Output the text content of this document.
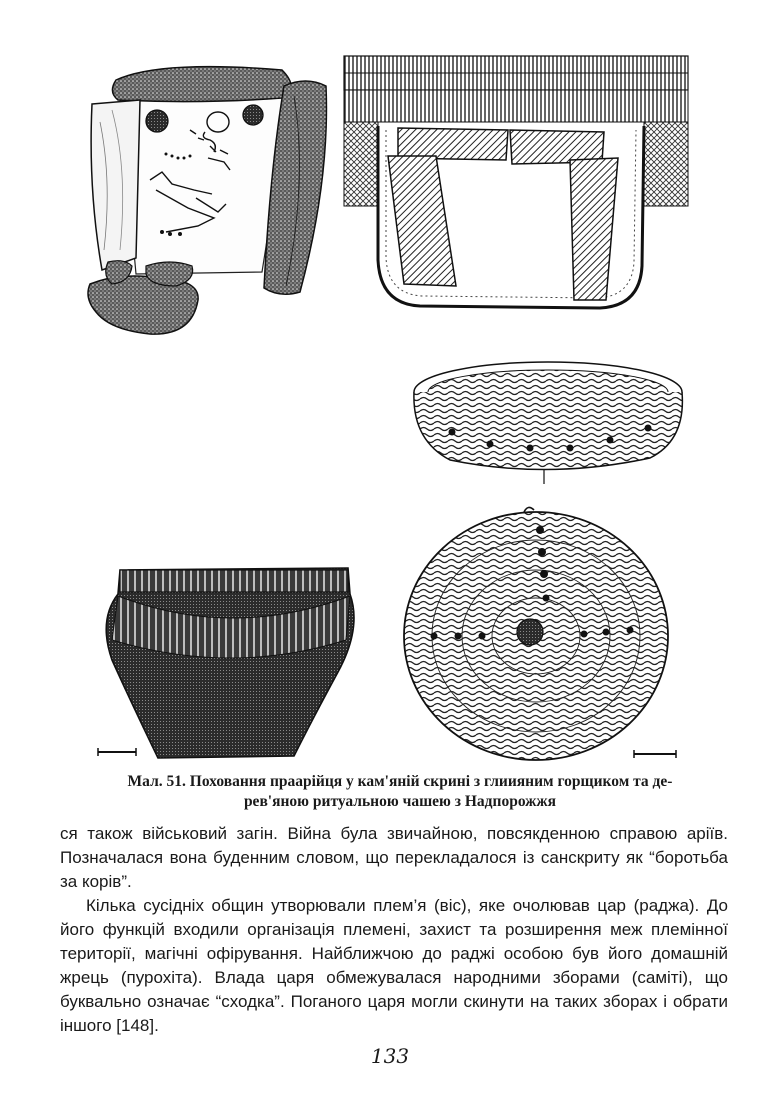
Мал. 51. Поховання праарійця у кам'яній скрині з глиияним горщиком та де-
рев'яною ритуальною чашею з Надпорожжя

ся також військовий загін. Війна була звичайною, повсякденною справою аріїв. Позначалася вона буденним словом, що перекладалося із санскриту як “боротьба за корів”.

Кілька сусідніх общин утворювали плем’я (віс), яке очолював цар (раджа). До його функцій входили організація племені, захист та розширення меж племінної території, магічні офірування. Найближчою до раджі особою був його домашній жрець (пурохіта). Влада царя обмежувалася народними зборами (саміті), що буквально означає “сходка”. Поганого царя могли скинути на таких зборах і обрати іншого [148].

133
